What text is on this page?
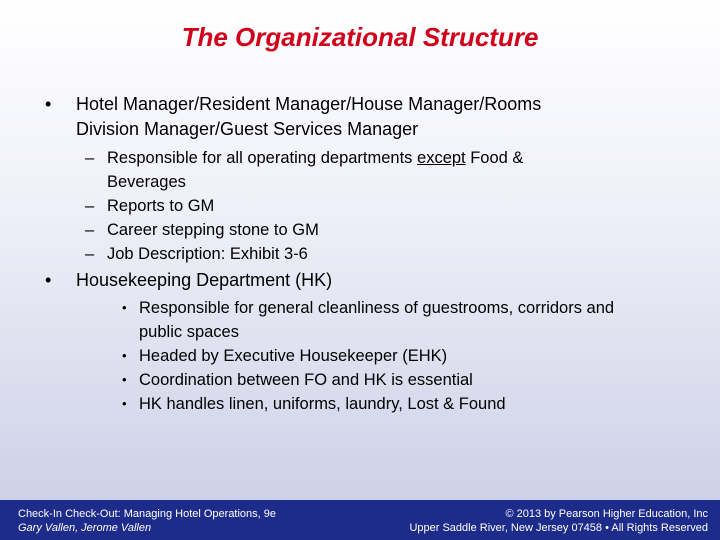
The Organizational Structure
• Hotel Manager/Resident Manager/House Manager/Rooms
Division Manager/Guest Services Manager
– Responsible for all operating departments except Food &
Beverages
– Reports to GM
– Career stepping stone to GM
– Job Description: Exhibit 3-6
• Housekeeping Department (HK)
• Responsible for general cleanliness of guestrooms, corridors and
public spaces
• Headed by Executive Housekeeper (EHK)
• Coordination between FO and HK is essential
• HK handles linen, uniforms, laundry, Lost & Found
Check-In Check-Out: Managing Hotel Operations, 9e
Gary Vallen, Jerome Vallen
© 2013 by Pearson Higher Education, Inc
Upper Saddle River, New Jersey 07458 • All Rights Reserved
